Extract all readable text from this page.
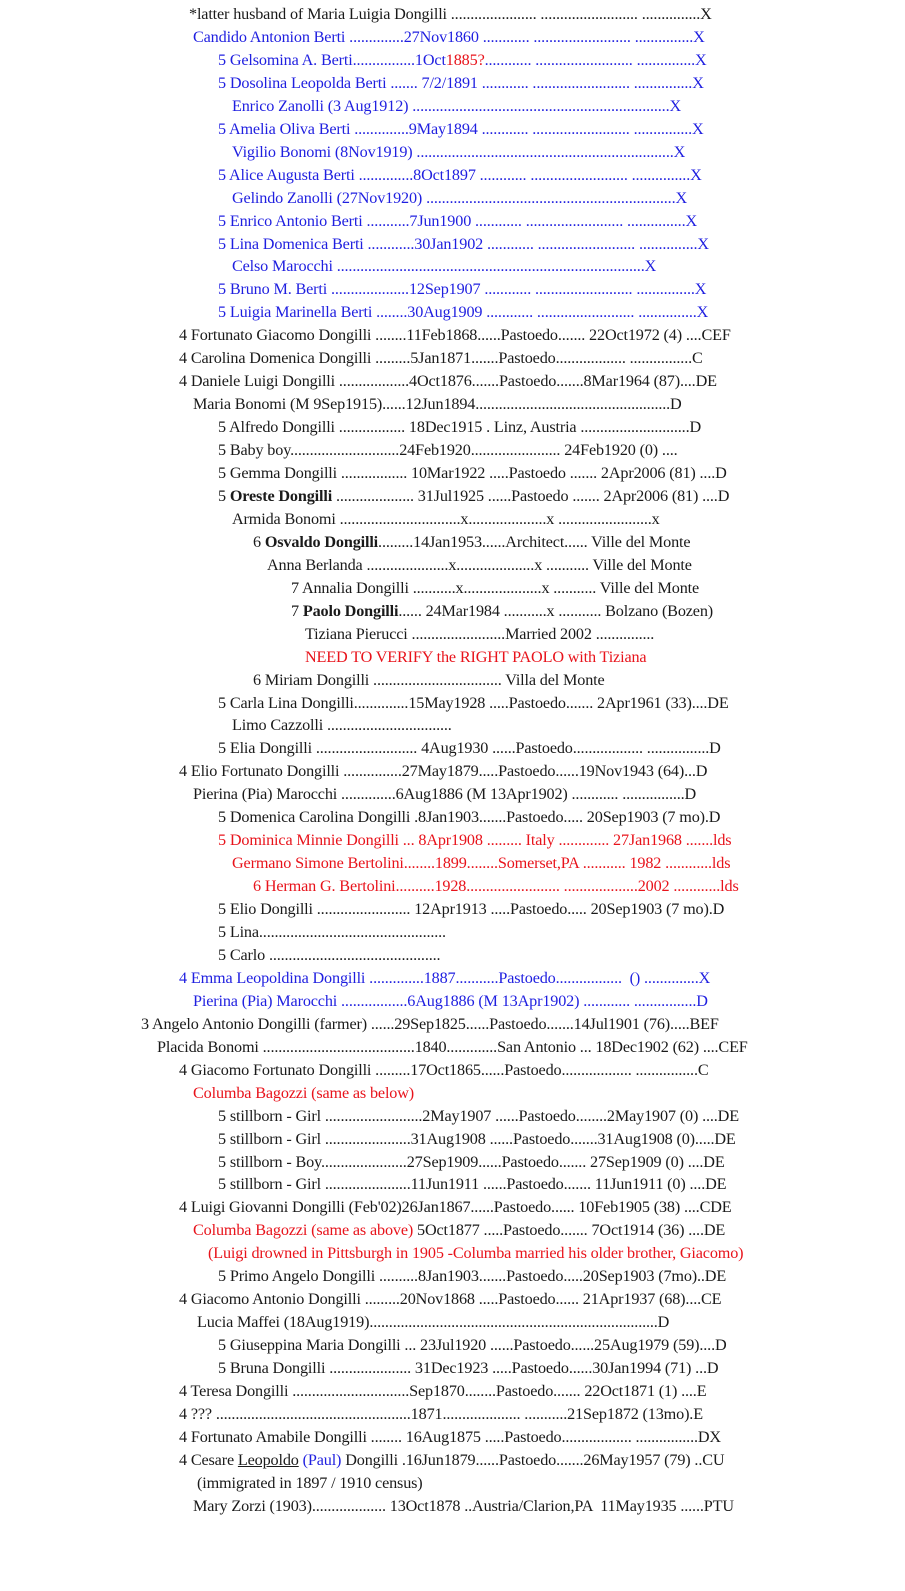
*latter husband of Maria Luigia Dongilli ...................... ......................... ...............X
Candido Antonion Berti ..............27Nov1860 ............ ......................... ...............X
5 Gelsomina A. Berti................1Oct1885?............ ......................... ...............X
5 Dosolina Leopolda Berti ....... 7/2/1891 ............ ......................... ...............X
Enrico Zanolli (3 Aug1912) ..................................................................X
5 Amelia Oliva Berti ..............9May1894 ............ ......................... ...............X
Vigilio Bonomi (8Nov1919) ..................................................................X
5 Alice Augusta Berti ..............8Oct1897 ............ ......................... ...............X
Gelindo Zanolli (27Nov1920) ................................................................X
5 Enrico Antonio Berti ...........7Jun1900 ............ ......................... ...............X
5 Lina Domenica Berti ............30Jan1902 ............ ......................... ...............X
Celso Marocchi ...............................................................................X
5 Bruno M. Berti ....................12Sep1907 ............ ......................... ...............X
5 Luigia Marinella Berti ........30Aug1909 ............ ......................... ...............X
4 Fortunato Giacomo Dongilli ........11Feb1868......Pastoedo....... 22Oct1972 (4) ....CEF
4 Carolina Domenica Dongilli .........5Jan1871.......Pastoedo.................. ................C
4 Daniele Luigi Dongilli ..................4Oct1876.......Pastoedo.......8Mar1964 (87)....DE
Maria Bonomi (M 9Sep1915)......12Jun1894..................................................D
5 Alfredo Dongilli ................. 18Dec1915 . Linz, Austria ............................D
5 Baby boy............................24Feb1920....................... 24Feb1920 (0) ....
5 Gemma Dongilli ................. 10Mar1922 .....Pastoedo ....... 2Apr2006 (81) ....D
5 Oreste Dongilli .................... 31Jul1925 ......Pastoedo ....... 2Apr2006 (81) ....D
Armida Bonomi ...............................x....................x ........................x
6 Osvaldo Dongilli.........14Jan1953......Architect...... Ville del Monte
Anna Berlanda .....................x....................x ........... Ville del Monte
7 Annalia Dongilli ...........x....................x ........... Ville del Monte
7 Paolo Dongilli...... 24Mar1984 ...........x ........... Bolzano (Bozen)
Tiziana Pierucci ........................Married 2002 ...............
NEED TO VERIFY the RIGHT PAOLO with Tiziana
6 Miriam Dongilli ................................. Villa del Monte
5 Carla Lina Dongilli..............15May1928 .....Pastoedo....... 2Apr1961 (33)....DE
Limo Cazzolli ................................
5 Elia Dongilli .......................... 4Aug1930 ......Pastoedo.................. ................D
4 Elio Fortunato Dongilli ...............27May1879.....Pastoedo......19Nov1943 (64)...D
Pierina (Pia) Marocchi ..............6Aug1886 (M 13Apr1902) ............ ................D
5 Domenica Carolina Dongilli .8Jan1903.......Pastoedo..... 20Sep1903 (7 mo).D
5 Dominica Minnie Dongilli ... 8Apr1908 ......... Italy ............. 27Jan1968 .......lds
Germano Simone Bertolini........1899........Somerset,PA ........... 1982 ............lds
6 Herman G. Bertolini..........1928........................ ...................2002 ............lds
5 Elio Dongilli ........................ 12Apr1913 .....Pastoedo..... 20Sep1903 (7 mo).D
5 Lina................................................
5 Carlo ............................................
4 Emma Leopoldina Dongilli ..............1887...........Pastoedo.................  () ..............X
Pierina (Pia) Marocchi .................6Aug1886 (M 13Apr1902) ............ ................D
3 Angelo Antonio Dongilli (farmer) ......29Sep1825......Pastoedo.......14Jul1901 (76).....BEF
Placida Bonomi .......................................1840.............San Antonio ... 18Dec1902 (62) ....CEF
4 Giacomo Fortunato Dongilli .........17Oct1865......Pastoedo.................. ................C
Columba Bagozzi (same as below)
5 stillborn - Girl .........................2May1907 ......Pastoedo........2May1907 (0) ....DE
5 stillborn - Girl ......................31Aug1908 ......Pastoedo.......31Aug1908 (0).....DE
5 stillborn - Boy......................27Sep1909......Pastoedo....... 27Sep1909 (0) ....DE
5 stillborn - Girl ......................11Jun1911 ......Pastoedo....... 11Jun1911 (0) ....DE
4 Luigi Giovanni Dongilli (Feb'02)26Jan1867......Pastoedo...... 10Feb1905 (38) ....CDE
Columba Bagozzi (same as above) 5Oct1877 .....Pastoedo....... 7Oct1914 (36) ....DE
(Luigi drowned in Pittsburgh in 1905 -Columba married his older brother, Giacomo)
5 Primo Angelo Dongilli ..........8Jan1903.......Pastoedo.....20Sep1903 (7mo)..DE
4 Giacomo Antonio Dongilli .........20Nov1868 .....Pastoedo...... 21Apr1937 (68)....CE
Lucia Maffei (18Aug1919)..........................................................................D
5 Giuseppina Maria Dongilli ... 23Jul1920 ......Pastoedo......25Aug1979 (59)....D
5 Bruna Dongilli ..................... 31Dec1923 .....Pastoedo......30Jan1994 (71) ...D
4 Teresa Dongilli ..............................Sep1870........Pastoedo....... 22Oct1871 (1) ....E
4 ??? ..................................................1871.................... ...........21Sep1872 (13mo).E
4 Fortunato Amabile Dongilli ........ 16Aug1875 .....Pastoedo.................. ................DX
4 Cesare Leopoldo (Paul) Dongilli .16Jun1879......Pastoedo.......26May1957 (79) ..CU
(immigrated in 1897 / 1910 census)
Mary Zorzi (1903)................... 13Oct1878 ..Austria/Clarion,PA  11May1935 ......PTU
